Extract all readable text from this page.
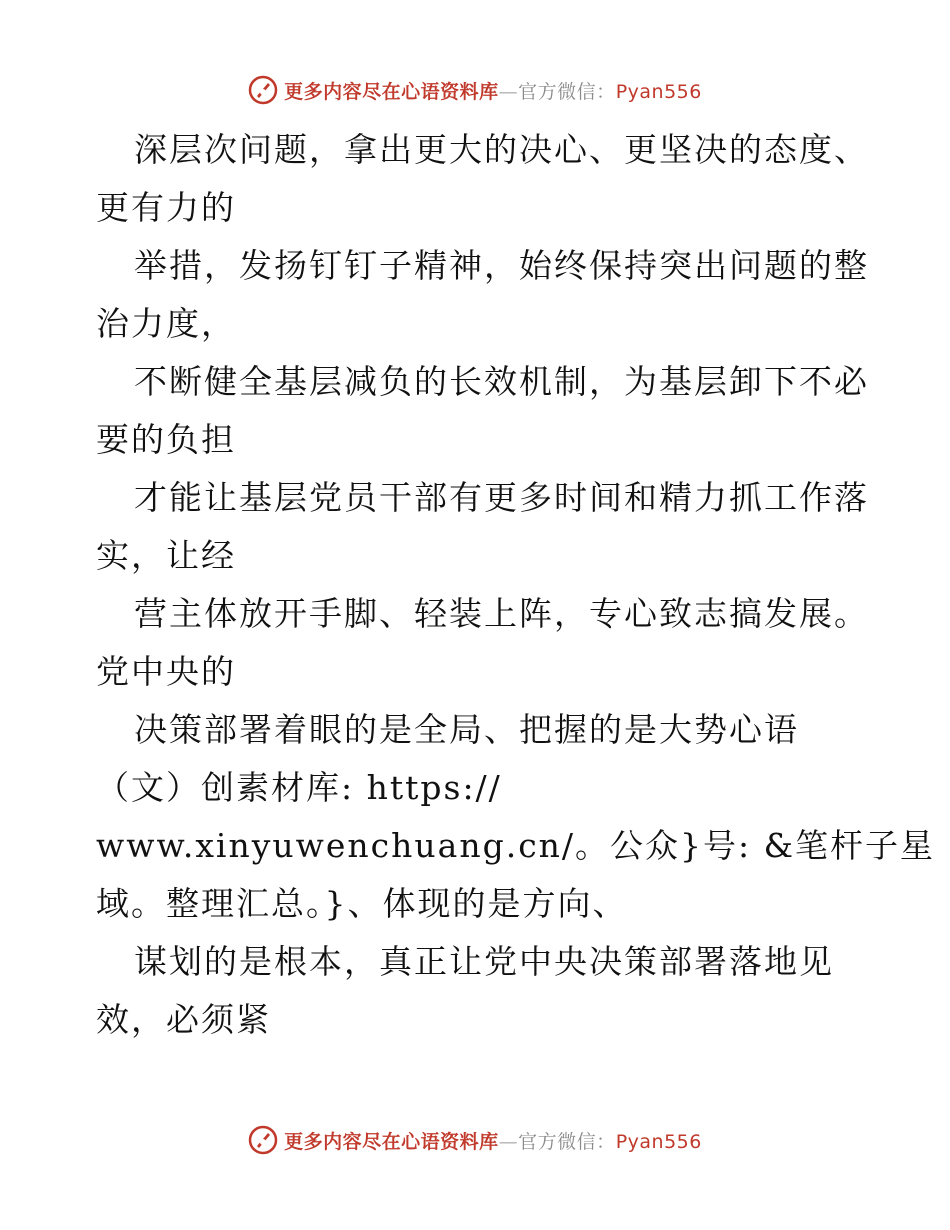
更多内容尽在心语资料库—官方微信：Pyan556
深层次问题，拿出更大的决心、更坚决的态度、
更有力的
举措，发扬钉钉子精神，始终保持突出问题的整
治力度，
不断健全基层减负的长效机制，为基层卸下不必
要的负担
才能让基层党员干部有更多时间和精力抓工作落
实，让经
营主体放开手脚、轻装上阵，专心致志搞发展。
党中央的
决策部署着眼的是全局、把握的是大势心语
（文）创素材库: https://
www.xinyuwenchuang.cn/。公众}号: &笔杆子星
域。整理汇总。}、体现的是方向、
谋划的是根本，真正让党中央决策部署落地见
效，必须紧
更多内容尽在心语资料库—官方微信：Pyan556
